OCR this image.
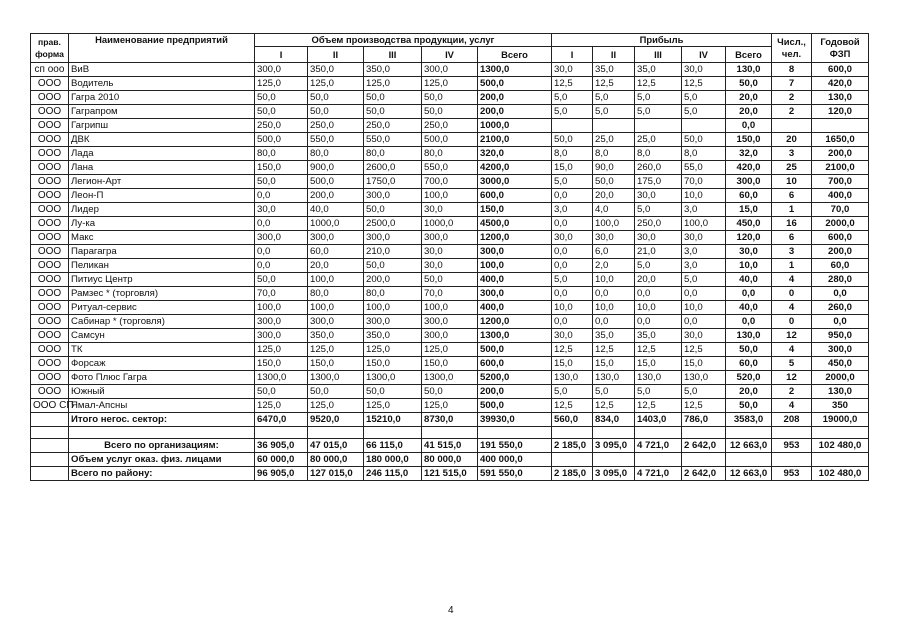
прав. форма	Наименование предприятий	Объем производства продукции, услуг					Прибыль					Числ., чел.	Годовой ФЗП
		I	II	III	IV	Всего	I	II	III	IV	Всего		
сп ооо	ВиВ	300,0	350,0	350,0	300,0	1300,0	30,0	35,0	35,0	30,0	130,0	8	600,0
ООО	Водитель	125,0	125,0	125,0	125,0	500,0	12,5	12,5	12,5	12,5	50,0	7	420,0
ООО	Гагра 2010	50,0	50,0	50,0	50,0	200,0	5,0	5,0	5,0	5,0	20,0	2	130,0
ООО	Гагрaпром	50,0	50,0	50,0	50,0	200,0	5,0	5,0	5,0	5,0	20,0	2	120,0
ООО	Гагрипш	250,0	250,0	250,0	250,0	1000,0					0,0		
ООО	ДВК	500,0	550,0	550,0	500,0	2100,0	50,0	25,0	25,0	50,0	150,0	20	1650,0
ООО	Лада	80,0	80,0	80,0	80,0	320,0	8,0	8,0	8,0	8,0	32,0	3	200,0
ООО	Лана	150,0	900,0	2600,0	550,0	4200,0	15,0	90,0	260,0	55,0	420,0	25	2100,0
ООО	Легион-Арт	50,0	500,0	1750,0	700,0	3000,0	5,0	50,0	175,0	70,0	300,0	10	700,0
ООО	Леон-П	0,0	200,0	300,0	100,0	600,0	0,0	20,0	30,0	10,0	60,0	6	400,0
ООО	Лидер	30,0	40,0	50,0	30,0	150,0	3,0	4,0	5,0	3,0	15,0	1	70,0
ООО	Лу-ка	0,0	1000,0	2500,0	1000,0	4500,0	0,0	100,0	250,0	100,0	450,0	16	2000,0
ООО	Макс	300,0	300,0	300,0	300,0	1200,0	30,0	30,0	30,0	30,0	120,0	6	600,0
ООО	Парагагра	0,0	60,0	210,0	30,0	300,0	0,0	6,0	21,0	3,0	30,0	3	200,0
ООО	Пеликан	0,0	20,0	50,0	30,0	100,0	0,0	2,0	5,0	3,0	10,0	1	60,0
ООО	Питиус Центр	50,0	100,0	200,0	50,0	400,0	5,0	10,0	20,0	5,0	40,0	4	280,0
ООО	Рамзес * (торговля)	70,0	80,0	80,0	70,0	300,0	0,0	0,0	0,0	0,0	0,0	0	0,0
ООО	Ритуал-сервис	100,0	100,0	100,0	100,0	400,0	10,0	10,0	10,0	10,0	40,0	4	260,0
ООО	Сабинар * (торговля)	300,0	300,0	300,0	300,0	1200,0	0,0	0,0	0,0	0,0	0,0	0	0,0
ООО	Самсун	300,0	350,0	350,0	300,0	1300,0	30,0	35,0	35,0	30,0	130,0	12	950,0
ООО	ТК	125,0	125,0	125,0	125,0	500,0	12,5	12,5	12,5	12,5	50,0	4	300,0
ООО	Форсаж	150,0	150,0	150,0	150,0	600,0	15,0	15,0	15,0	15,0	60,0	5	450,0
ООО	Фото Плюс Гагра	1300,0	1300,0	1300,0	1300,0	5200,0	130,0	130,0	130,0	130,0	520,0	12	2000,0
ООО	Южный	50,0	50,0	50,0	50,0	200,0	5,0	5,0	5,0	5,0	20,0	2	130,0
ООО СП	Ямал-Апсны	125,0	125,0	125,0	125,0	500,0	12,5	12,5	12,5	12,5	50,0	4	350
	Итого негос. сектор:	6470,0	9520,0	15210,0	8730,0	39930,0	560,0	834,0	1403,0	786,0	3583,0	208	19000,0

	Всего по организациям:	36 905,0	47 015,0	66 115,0	41 515,0	191 550,0	2 185,0	3 095,0	4 721,0	2 642,0	12 663,0	953	102 480,0
	Объем услуг оказ. физ. лицами	60 000,0	80 000,0	180 000,0	80 000,0	400 000,0							
	Всего по району:	96 905,0	127 015,0	246 115,0	121 515,0	591 550,0	2 185,0	3 095,0	4 721,0	2 642,0	12 663,0	953	102 480,0
4
